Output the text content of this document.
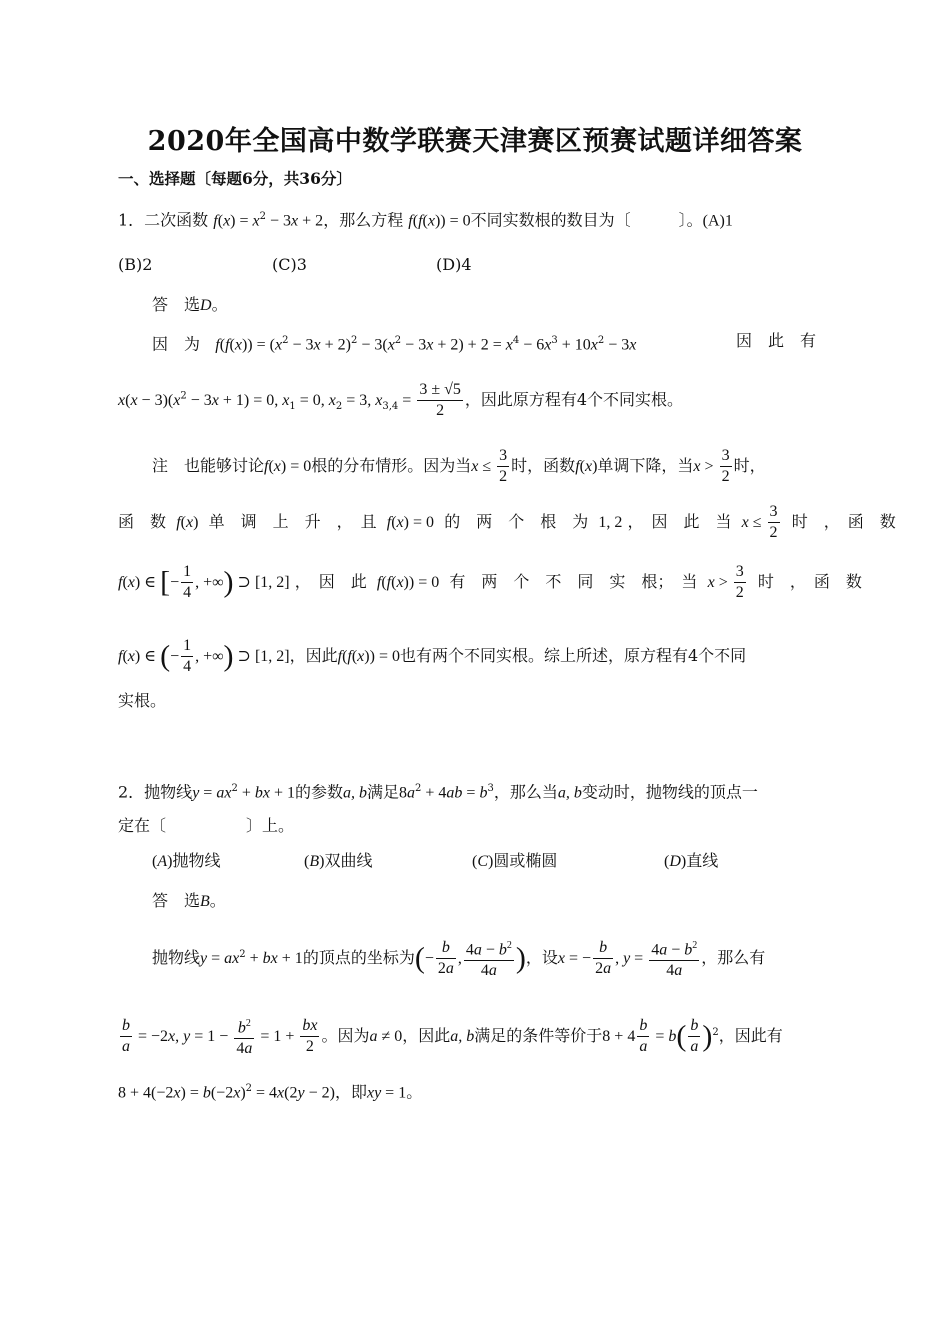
2020年全国高中数学联赛天津赛区预赛试题详细答案
一、选择题〔每题6分，共36分〕
1．二次函数 $f(x) = x^2 - 3x + 2$，那么方程 f(f(x)) = 0不同实数根的数目为〔　　　〕。(A)1
(B)2	(C)3	(D)4
答　选D。
因　为 $f(f(x)) = (x^2 - 3x + 2)^2 - 3(x^2 - 3x + 2) + 2 = x^4 - 6x^3 + 10x^2 - 3x$	因　此　有
$x(x - 3)(x^2 - 3x + 1) = 0$, $x_1 = 0$, $x_2 = 3$, $x_{3,4} = \frac{3 \pm √5}{2}$ ，因此原方程有4个不同实根。
注　也能够讨论f(x) = 0根的分布情形。因为当$x \le \frac{3}{2}$ 时，函数f(x)单调下降，当$x > \frac{3}{2}$ 时，
函　数 f(x) 单　调　上　升　，　且 f(x) = 0 的　两　个　根　为 1, 2 ，　因　此　当 $x \le \frac{3}{2}$ 时　，　函　数
f(x) ∈ [− $\frac{1}{4}$ , +∞) ⊃ [1, 2] ，　因　此 f(f(x)) = 0 有　两　个　不　同　实　根；　当 $x > \frac{3}{2}$ 时　，　函　数
f(x) ∈ (− $\frac{1}{4}$ , +∞) ⊃ [1, 2]，因此f(f(x)) = 0也有两个不同实根。综上所述，原方程有4个不同
实根。
2．抛物线$y = ax^2$ + bx + 1的参数a, b满足$8a^2 + 4ab = b^3$，那么当a, b变动时，抛物线的顶点一
定在〔　　　　　〕上。
(A)抛物线	(B)双曲线	(C)圆或椭圆	(D)直线
答　选B。
抛物线$y = ax^2$ + bx + 1的顶点的坐标为(− $\frac{b}{2a}$ , $\frac{4a - b^2}{4a}$ )，设x = − $\frac{b}{2a}$ , $y = \frac{4a - b^2}{4a}$ ，那么有
$\frac{b}{a} = -2x$, $y = 1 - \frac{b^2}{4a} = 1 + \frac{bx}{2}$ 。因为a ≠ 0，因此a, b满足的条件等价于$8 + 4 \frac{b}{a} = b( \frac{b}{a} )^2$，因此有
$8 + 4(-2x) = b(-2x)^2 = 4x(2y - 2)$，即xy = 1。
